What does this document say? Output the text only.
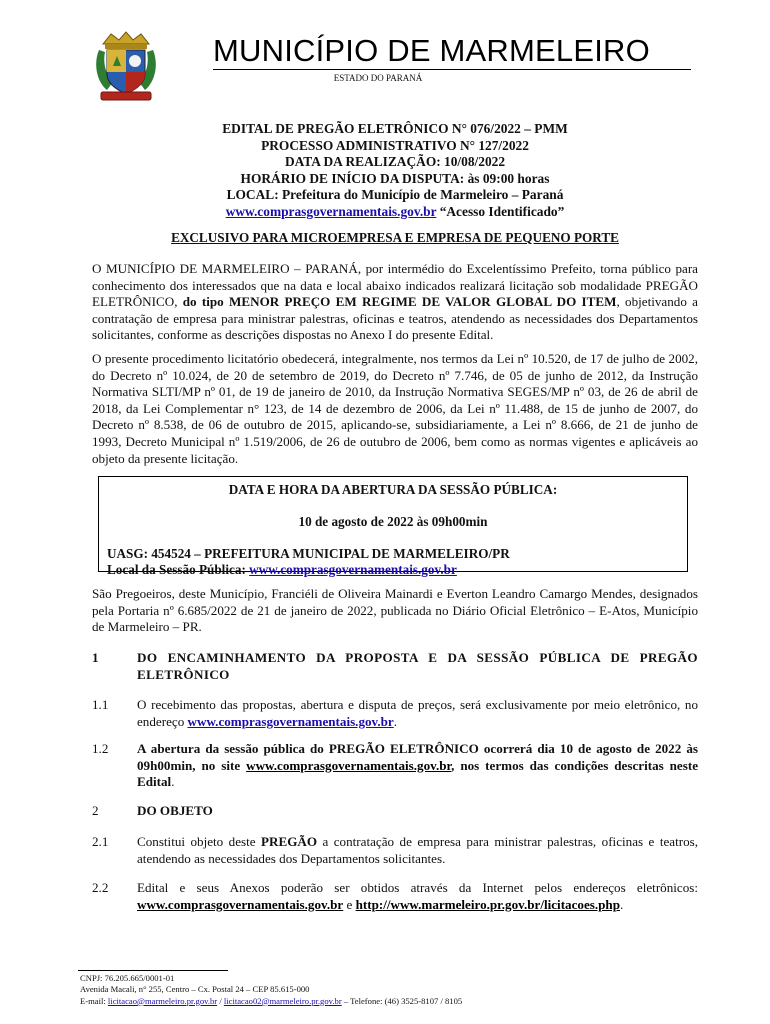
MUNICÍPIO DE MARMELEIRO
ESTADO DO PARANÁ
EDITAL DE PREGÃO ELETRÔNICO N° 076/2022 – PMM
PROCESSO ADMINISTRATIVO N° 127/2022
DATA DA REALIZAÇÃO: 10/08/2022
HORÁRIO DE INÍCIO DA DISPUTA: às 09:00 horas
LOCAL: Prefeitura do Município de Marmeleiro – Paraná
www.comprasgovernamentais.gov.br “Acesso Identificado”
EXCLUSIVO PARA MICROEMPRESA E EMPRESA DE PEQUENO PORTE

O MUNICÍPIO DE MARMELEIRO – PARANÁ, por intermédio do Excelentíssimo Prefeito, torna público para conhecimento dos interessados que na data e local abaixo indicados realizará licitação sob modalidade PREGÃO ELETRÔNICO, do tipo MENOR PREÇO EM REGIME DE VALOR GLOBAL DO ITEM, objetivando a contratação de empresa para ministrar palestras, oficinas e teatros, atendendo as necessidades dos Departamentos solicitantes, conforme as descrições dispostas no Anexo I do presente Edital.

O presente procedimento licitatório obedecerá, integralmente, nos termos da Lei nº 10.520, de 17 de julho de 2002, do Decreto nº 10.024, de 20 de setembro de 2019, do Decreto nº 7.746, de 05 de junho de 2012, da Instrução Normativa SLTI/MP nº 01, de 19 de janeiro de 2010, da Instrução Normativa SEGES/MP nº 03, de 26 de abril de 2018, da Lei Complementar n° 123, de 14 de dezembro de 2006, da Lei nº 11.488, de 15 de junho de 2007, do Decreto nº 8.538, de 06 de outubro de 2015, aplicando-se, subsidiariamente, a Lei nº 8.666, de 21 de junho de 1993, Decreto Municipal nº 1.519/2006, de 26 de outubro de 2006, bem como as normas vigentes e aplicáveis ao objeto da presente licitação.

DATA E HORA DA ABERTURA DA SESSÃO PÚBLICA:
10 de agosto de 2022 às 09h00min
UASG: 454524 – PREFEITURA MUNICIPAL DE MARMELEIRO/PR
Local da Sessão Pública: www.comprasgovernamentais.gov.br

São Pregoeiros, deste Município, Franciéli de Oliveira Mainardi e Everton Leandro Camargo Mendes, designados pela Portaria nº 6.685/2022 de 21 de janeiro de 2022, publicada no Diário Oficial Eletrônico – E-Atos, Município de Marmeleiro – PR.

1	DO ENCAMINHAMENTO DA PROPOSTA E DA SESSÃO PÚBLICA DE PREGÃO ELETRÔNICO
1.1	O recebimento das propostas, abertura e disputa de preços, será exclusivamente por meio eletrônico, no endereço www.comprasgovernamentais.gov.br.
1.2	A abertura da sessão pública do PREGÃO ELETRÔNICO ocorrerá dia 10 de agosto de 2022 às 09h00min, no site www.comprasgovernamentais.gov.br, nos termos das condições descritas neste Edital.
2	DO OBJETO
2.1	Constitui objeto deste PREGÃO a contratação de empresa para ministrar palestras, oficinas e teatros, atendendo as necessidades dos Departamentos solicitantes.
2.2	Edital e seus Anexos poderão ser obtidos através da Internet pelos endereços eletrônicos: www.comprasgovernamentais.gov.br e http://www.marmeleiro.pr.gov.br/licitacoes.php.
CNPJ: 76.205.665/0001-01
Avenida Macali, n° 255, Centro – Cx. Postal 24 – CEP 85.615-000
E-mail: licitacao@marmeleiro.pr.gov.br / licitacao02@marmeleiro.pr.gov.br – Telefone: (46) 3525-8107 / 8105
